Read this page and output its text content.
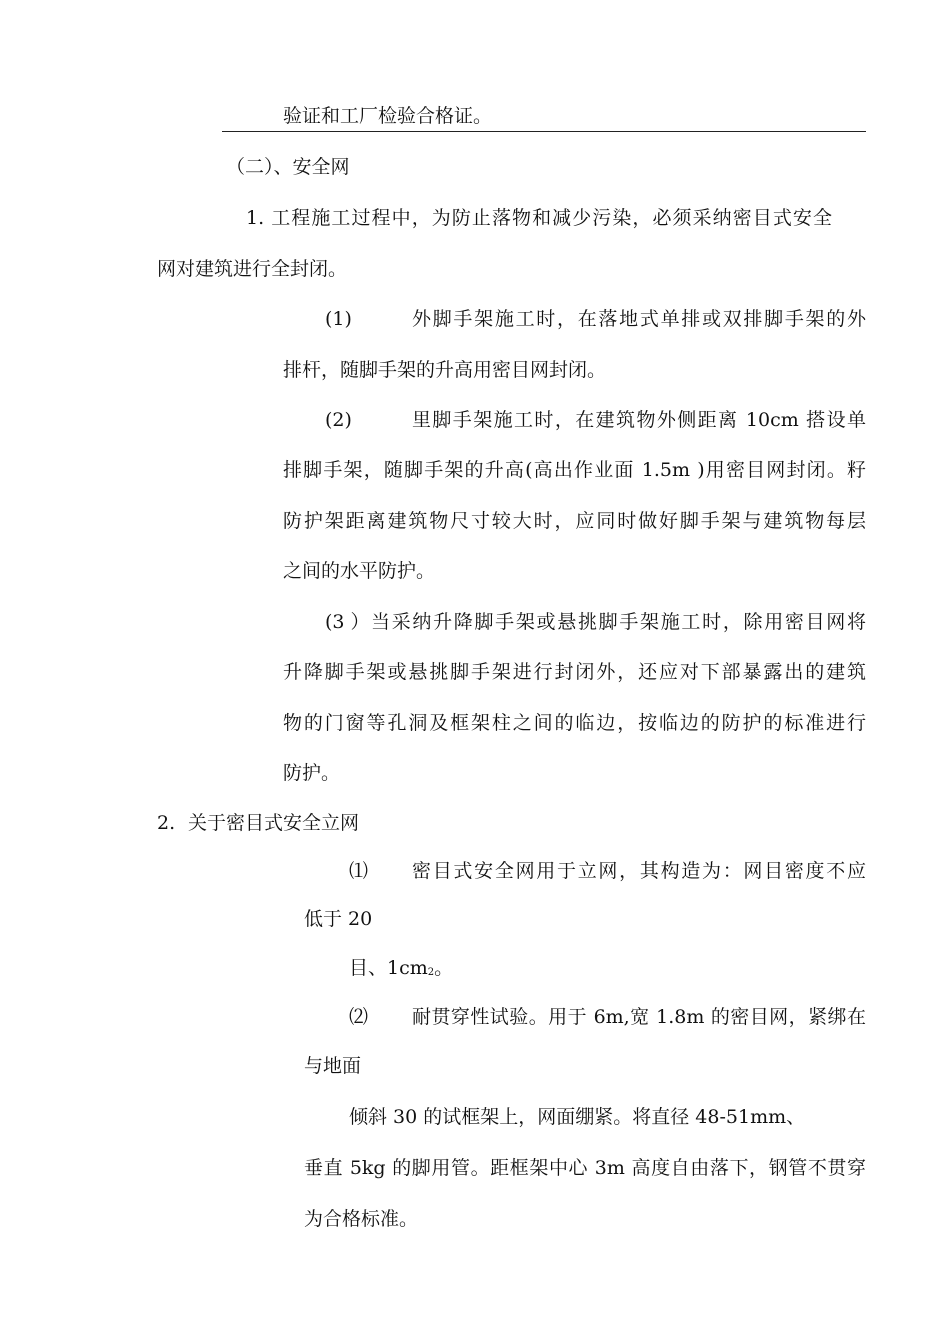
验证和工厂检验合格证。
（二）、安全网
1. 工程施工过程中，为防止落物和减少污染，必须采纳密目式安全
网对建筑进行全封闭。
(1)	外脚手架施工时，在落地式单排或双排脚手架的外
排杆，随脚手架的升高用密目网封闭。
(2)	里脚手架施工时，在建筑物外侧距离 10cm 搭设单
排脚手架，随脚手架的升高(高出作业面 1.5m )用密目网封闭。籽
防护架距离建筑物尺寸较大时，应同时做好脚手架与建筑物每层
之间的水平防护。
(3 ） 当采纳升降脚手架或悬挑脚手架施工时，除用密目网将
升降脚手架或悬挑脚手架进行封闭外，还应对下部暴露出的建筑
物的门窗等孔洞及框架柱之间的临边，按临边的防护的标准进行
防护。
2. 关于密目式安全立网
⑴ 密目式安全网用于立网，其构造为：网目密度不应
低于 20
目、1cm2。
⑵ 耐贯穿性试验。用于 6m,宽 1.8m 的密目网，紧绑在
与地面
倾斜 30 的试框架上，网面绷紧。将直径 48-51mm、
垂直 5kg 的脚用管。距框架中心 3m 高度自由落下，钢管不贯穿
为合格标准。
